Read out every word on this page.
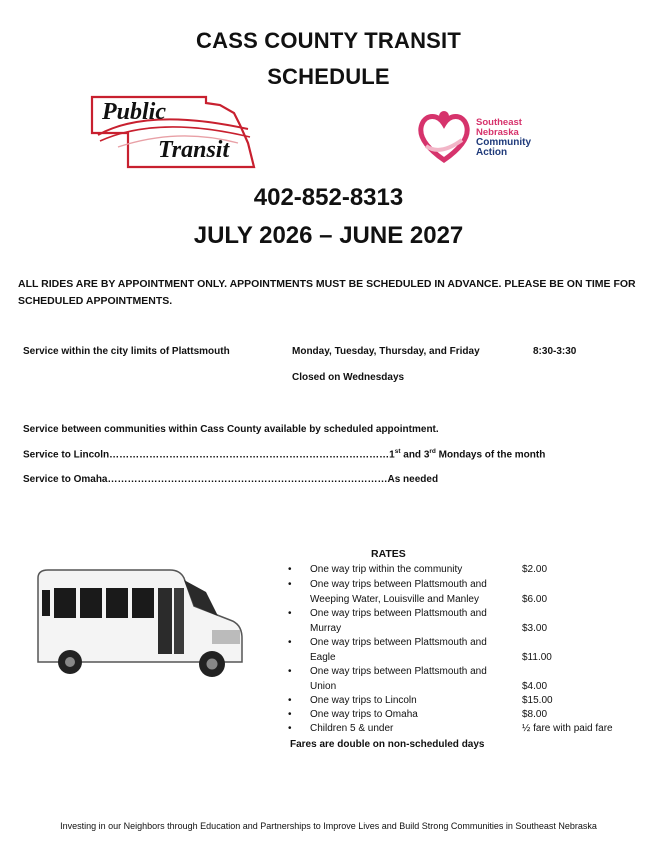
CASS COUNTY TRANSIT
SCHEDULE
Public
Transit
Southeast
Nebraska
Community
Action
402-852-8313
JULY 2026 – JUNE 2027
ALL RIDES ARE BY APPOINTMENT ONLY. APPOINTMENTS MUST BE SCHEDULED IN ADVANCE. PLEASE BE ON TIME FOR SCHEDULED APPOINTMENTS.
Service within the city limits of Plattsmouth	Monday, Tuesday, Thursday, and Friday	8:30-3:30
Closed on Wednesdays
Service between communities within Cass County available by scheduled appointment.
Service to Lincoln…………………………………………………………………………1st and 3rd Mondays of the month
Service to Omaha…………………………………………………………………………As needed
RATES
• One way trip within the community	$2.00
• One way trips between Plattsmouth and Weeping Water, Louisville and Manley	$6.00
• One way trips between Plattsmouth and Murray	$3.00
• One way trips between Plattsmouth and Eagle	$11.00
• One way trips between Plattsmouth and Union	$4.00
• One way trips to Lincoln	$15.00
• One way trips to Omaha	$8.00
• Children 5 & under	½ fare with paid fare
Fares are double on non-scheduled days
Investing in our Neighbors through Education and Partnerships to Improve Lives and Build Strong Communities in Southeast Nebraska
